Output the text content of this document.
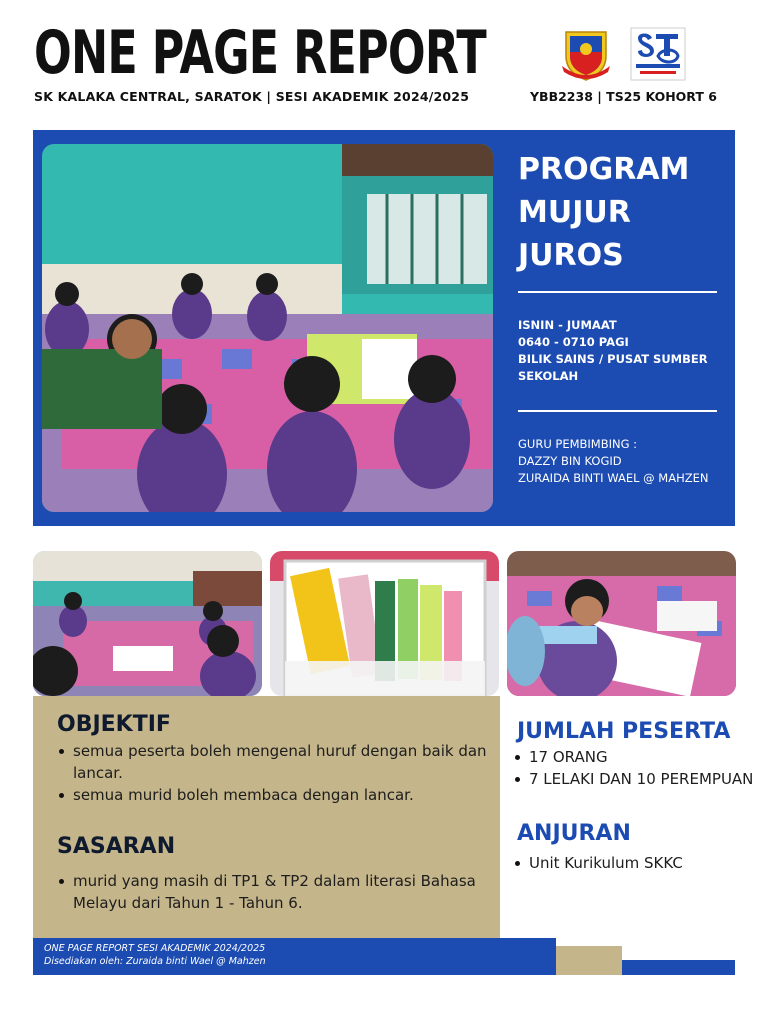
ONE PAGE REPORT
SK KALAKA CENTRAL, SARATOK | SESI AKADEMIK 2024/2025	YBB2238 | TS25 KOHORT 6
PROGRAM
MUJUR
JUROS
ISNIN - JUMAAT
0640 - 0710 PAGI
BILIK SAINS / PUSAT SUMBER SEKOLAH
GURU PEMBIMBING :
DAZZY BIN KOGID
ZURAIDA BINTI WAEL @ MAHZEN
OBJEKTIF
semua peserta boleh mengenal huruf dengan baik dan lancar.
semua murid boleh membaca dengan lancar.
SASARAN
murid yang masih di TP1 & TP2 dalam literasi Bahasa Melayu dari Tahun 1 - Tahun 6.
JUMLAH PESERTA
17 ORANG
7 LELAKI DAN 10 PEREMPUAN
ANJURAN
Unit Kurikulum SKKC
ONE PAGE REPORT SESI AKADEMIK 2024/2025
Disediakan oleh: Zuraida binti Wael @ Mahzen
